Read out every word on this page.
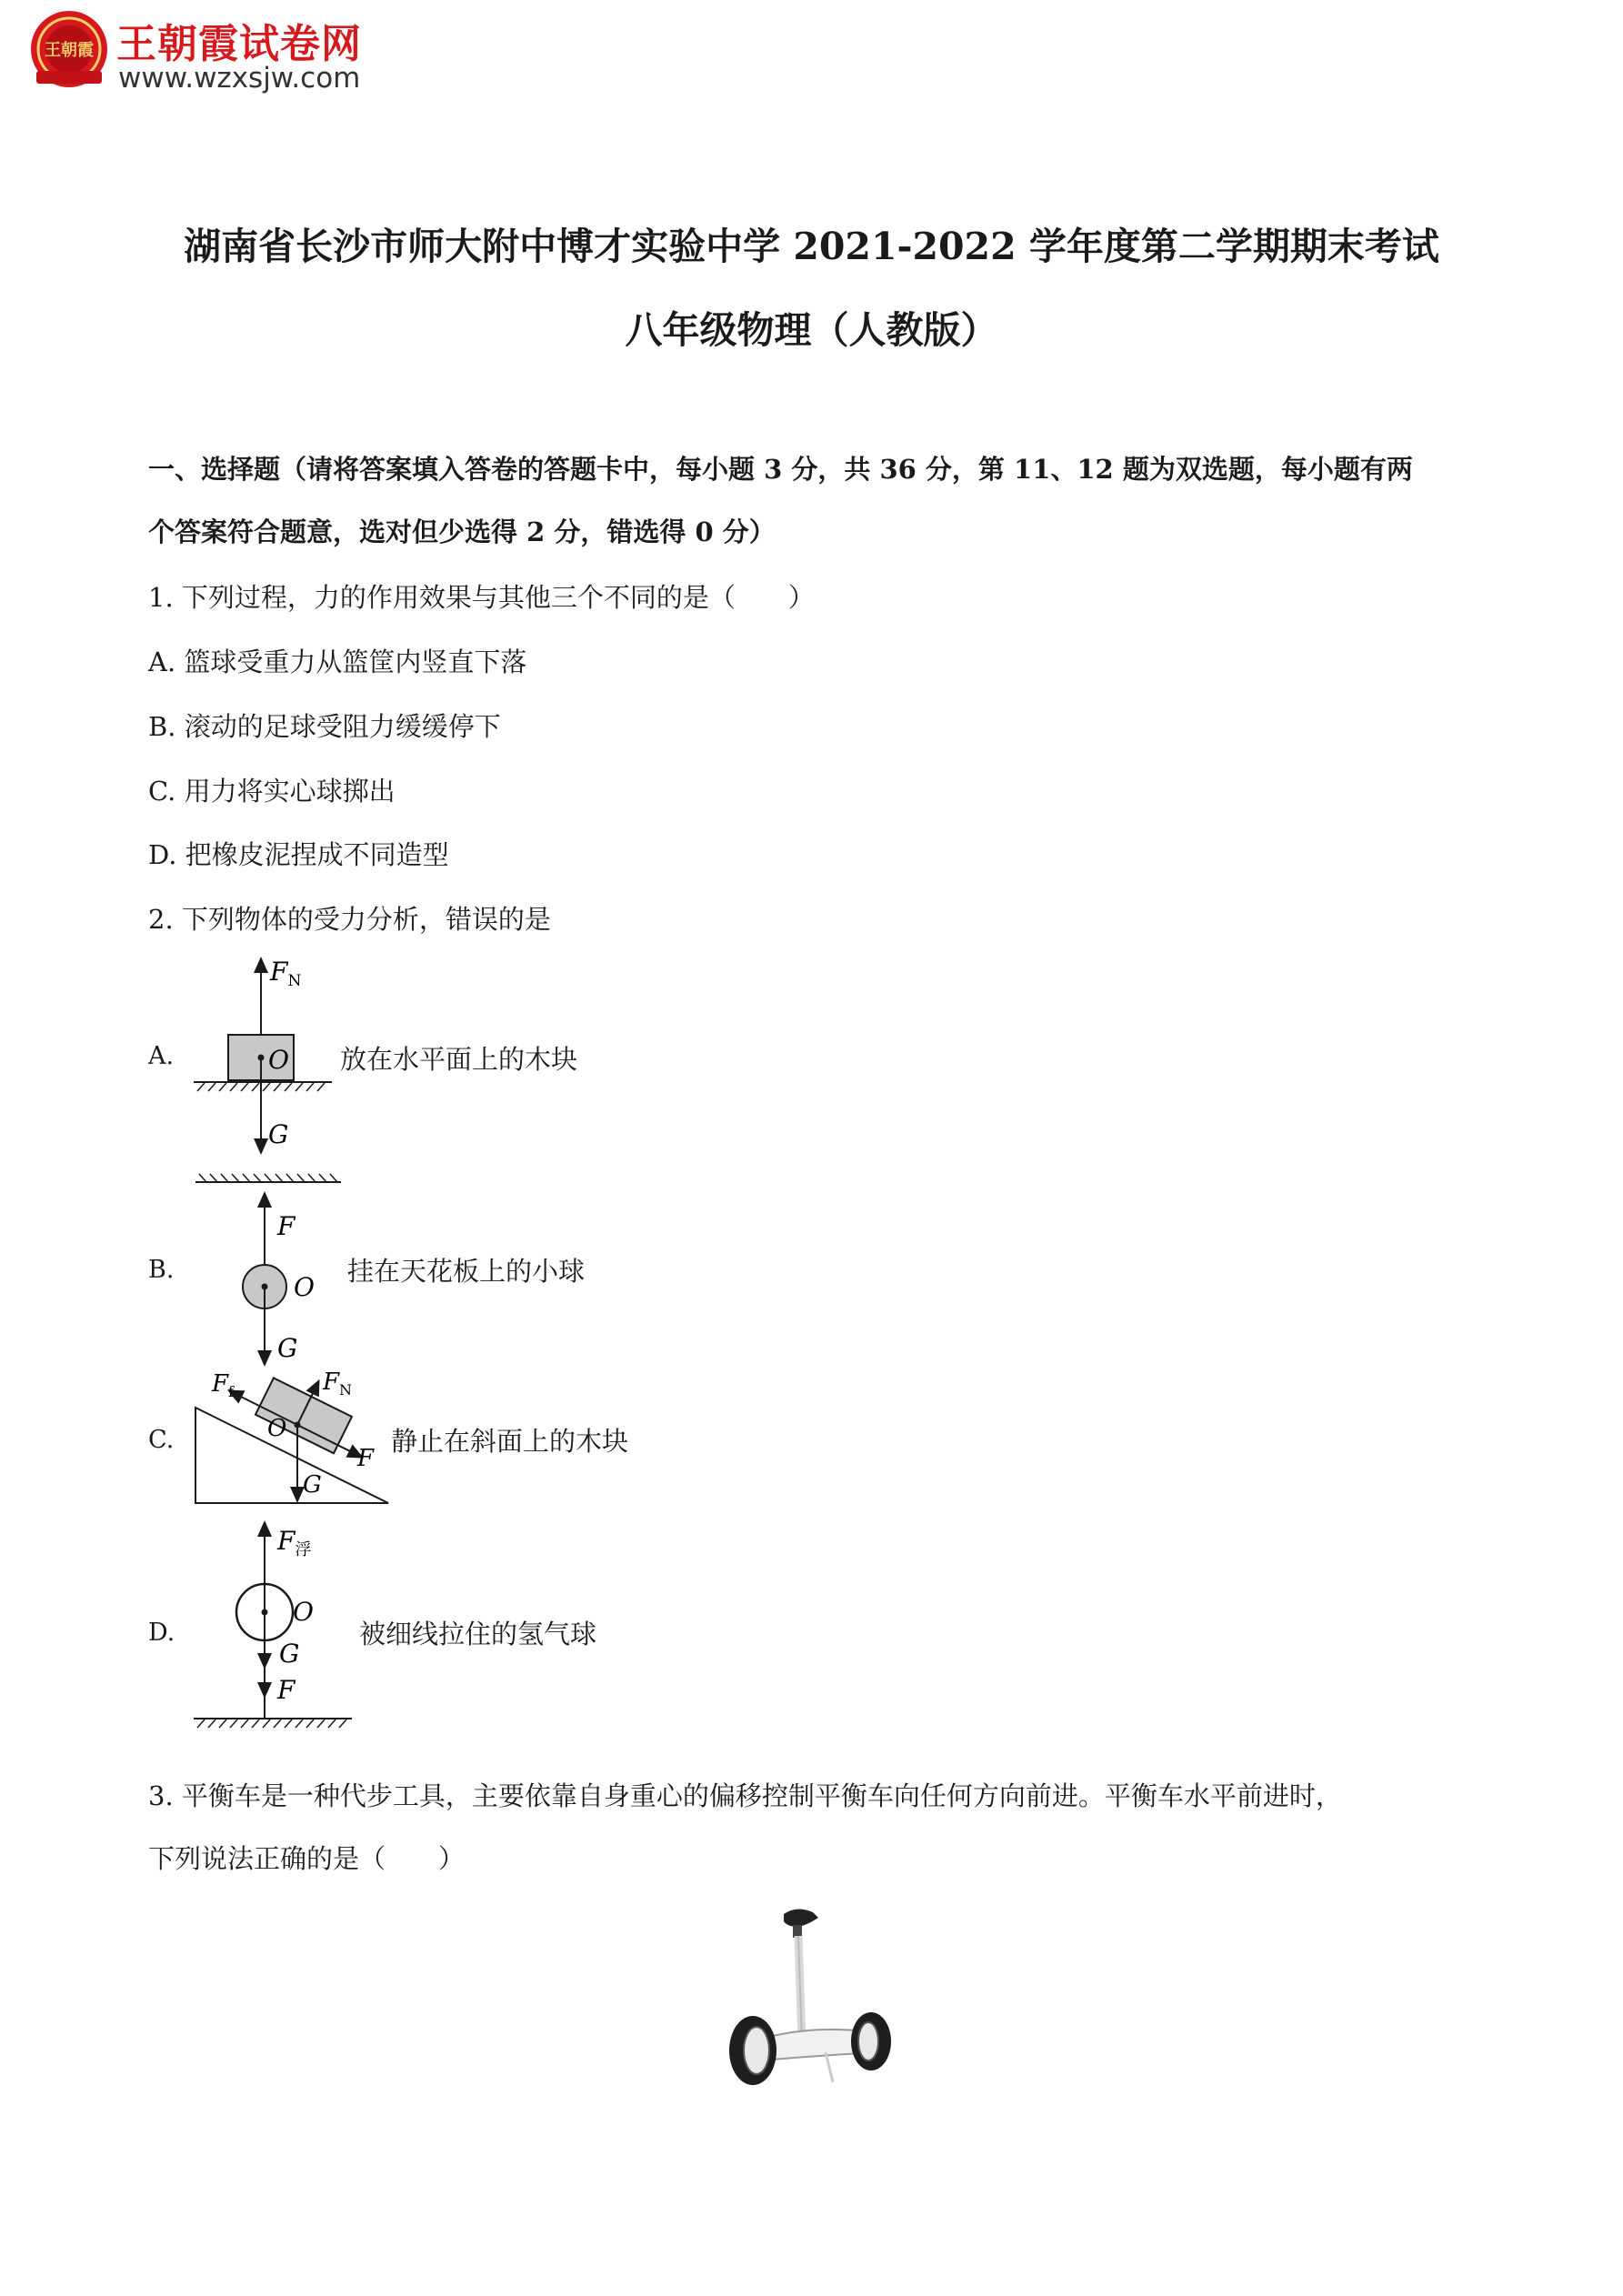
王朝霞 王朝霞试卷网
www.wzxsjw.com
湖南省长沙市师大附中博才实验中学 2021-2022 学年度第二学期期末考试
八年级物理（人教版）
一、选择题（请将答案填入答卷的答题卡中，每小题 3 分，共 36 分，第 11、12 题为双选题，每小题有两
个答案符合题意，选对但少选得 2 分，错选得 0 分）
1. 下列过程，力的作用效果与其他三个不同的是（　　）
A. 篮球受重力从篮筐内竖直下落
B. 滚动的足球受阻力缓缓停下
C. 用力将实心球掷出
D. 把橡皮泥捏成不同造型
2. 下列物体的受力分析，错误的是
A.
$F_N$
O
G
放在水平面上的木块
B.
F
O
G
挂在天花板上的小球
C.
$F_f$	$F_N$
O
F
G
静止在斜面上的木块
D.
$F_浮$
O
G
F
被细线拉住的氢气球
3. 平衡车是一种代步工具，主要依靠自身重心的偏移控制平衡车向任何方向前进。平衡车水平前进时，
下列说法正确的是（　　）
